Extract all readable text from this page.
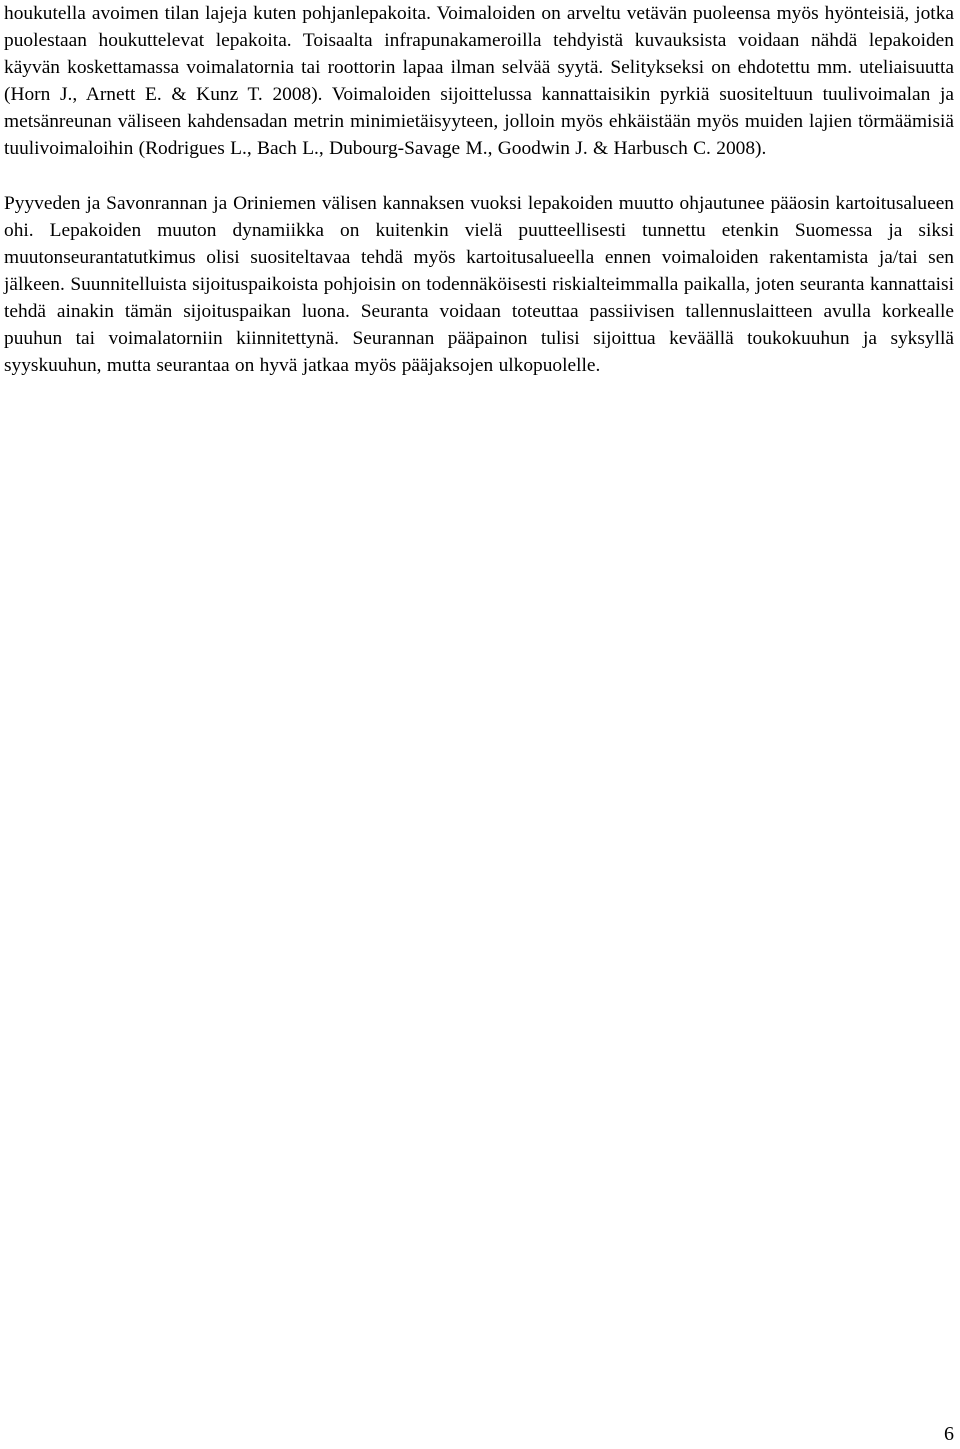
houkutella avoimen tilan lajeja kuten pohjanlepakoita. Voimaloiden on arveltu vetävän puoleensa myös hyönteisiä, jotka puolestaan houkuttelevat lepakoita. Toisaalta infrapunakameroilla tehdyistä kuvauksista voidaan nähdä lepakoiden käyvän koskettamassa voimalatornia tai roottorin lapaa ilman selvää syytä. Selitykseksi on ehdotettu mm. uteliaisuutta (Horn J., Arnett E. & Kunz T. 2008). Voimaloiden sijoittelussa kannattaisikin pyrkiä suositeltuun tuulivoimalan ja metsänreunan väliseen kahdensadan metrin minimietäisyyteen, jolloin myös ehkäistään myös muiden lajien törmäämisiä tuulivoimaloihin (Rodrigues L., Bach L., Dubourg-Savage M., Goodwin J. & Harbusch C. 2008).

Pyyveden ja Savonrannan ja Oriniemen välisen kannaksen vuoksi lepakoiden muutto ohjautunee pääosin kartoitusalueen ohi. Lepakoiden muuton dynamiikka on kuitenkin vielä puutteellisesti tunnettu etenkin Suomessa ja siksi muutonseurantatutkimus olisi suositeltavaa tehdä myös kartoitusalueella ennen voimaloiden rakentamista ja/tai sen jälkeen. Suunnitelluista sijoituspaikoista pohjoisin on todennäköisesti riskialteimmalla paikalla, joten seuranta kannattaisi tehdä ainakin tämän sijoituspaikan luona. Seuranta voidaan toteuttaa passiivisen tallennuslaitteen avulla korkealle puuhun tai voimalatorniin kiinnitettynä. Seurannan pääpainon tulisi sijoittua keväällä toukokuuhun ja syksyllä syyskuuhun, mutta seurantaa on hyvä jatkaa myös pääjaksojen ulkopuolelle.

6
